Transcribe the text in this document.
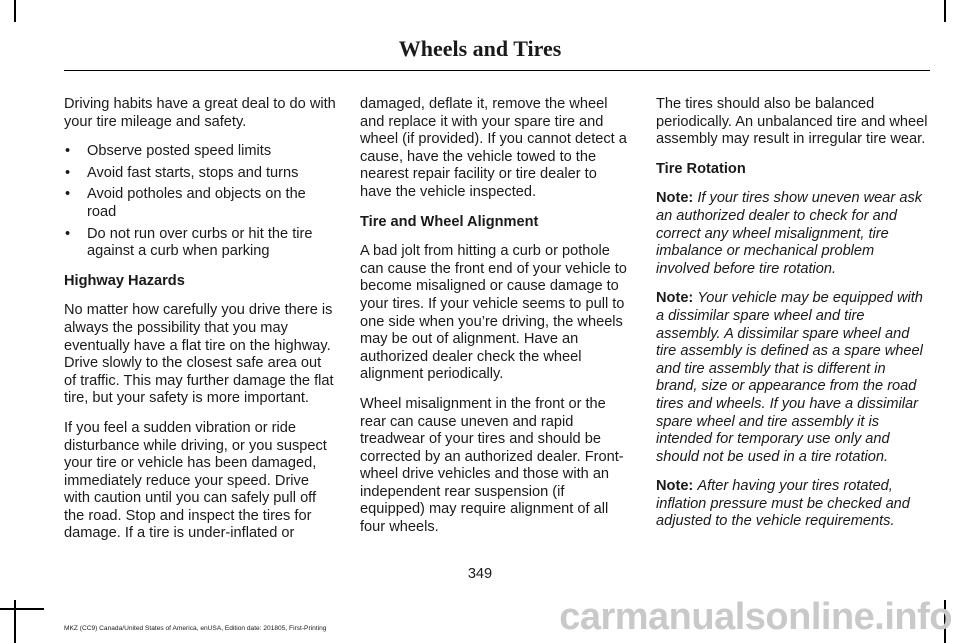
Wheels and Tires

Driving habits have a great deal to do with your tire mileage and safety.

• Observe posted speed limits
• Avoid fast starts, stops and turns
• Avoid potholes and objects on the road
• Do not run over curbs or hit the tire against a curb when parking
Highway Hazards

No matter how carefully you drive there is always the possibility that you may eventually have a flat tire on the highway. Drive slowly to the closest safe area out of traffic. This may further damage the flat tire, but your safety is more important.

If you feel a sudden vibration or ride disturbance while driving, or you suspect your tire or vehicle has been damaged, immediately reduce your speed. Drive with caution until you can safely pull off the road. Stop and inspect the tires for damage. If a tire is under-inflated or

damaged, deflate it, remove the wheel and replace it with your spare tire and wheel (if provided). If you cannot detect a cause, have the vehicle towed to the nearest repair facility or tire dealer to have the vehicle inspected.

Tire and Wheel Alignment

A bad jolt from hitting a curb or pothole can cause the front end of your vehicle to become misaligned or cause damage to your tires. If your vehicle seems to pull to one side when you’re driving, the wheels may be out of alignment. Have an authorized dealer check the wheel alignment periodically.

Wheel misalignment in the front or the rear can cause uneven and rapid treadwear of your tires and should be corrected by an authorized dealer. Front-wheel drive vehicles and those with an independent rear suspension (if equipped) may require alignment of all four wheels.

The tires should also be balanced periodically. An unbalanced tire and wheel assembly may result in irregular tire wear.

Tire Rotation

Note: If your tires show uneven wear ask an authorized dealer to check for and correct any wheel misalignment, tire imbalance or mechanical problem involved before tire rotation.

Note: Your vehicle may be equipped with a dissimilar spare wheel and tire assembly. A dissimilar spare wheel and tire assembly is defined as a spare wheel and tire assembly that is different in brand, size or appearance from the road tires and wheels. If you have a dissimilar spare wheel and tire assembly it is intended for temporary use only and should not be used in a tire rotation.

Note: After having your tires rotated, inflation pressure must be checked and adjusted to the vehicle requirements.

349
MKZ (CC9) Canada/United States of America, enUSA, Edition date: 201805, First-Printing	carmanualsonline.info
